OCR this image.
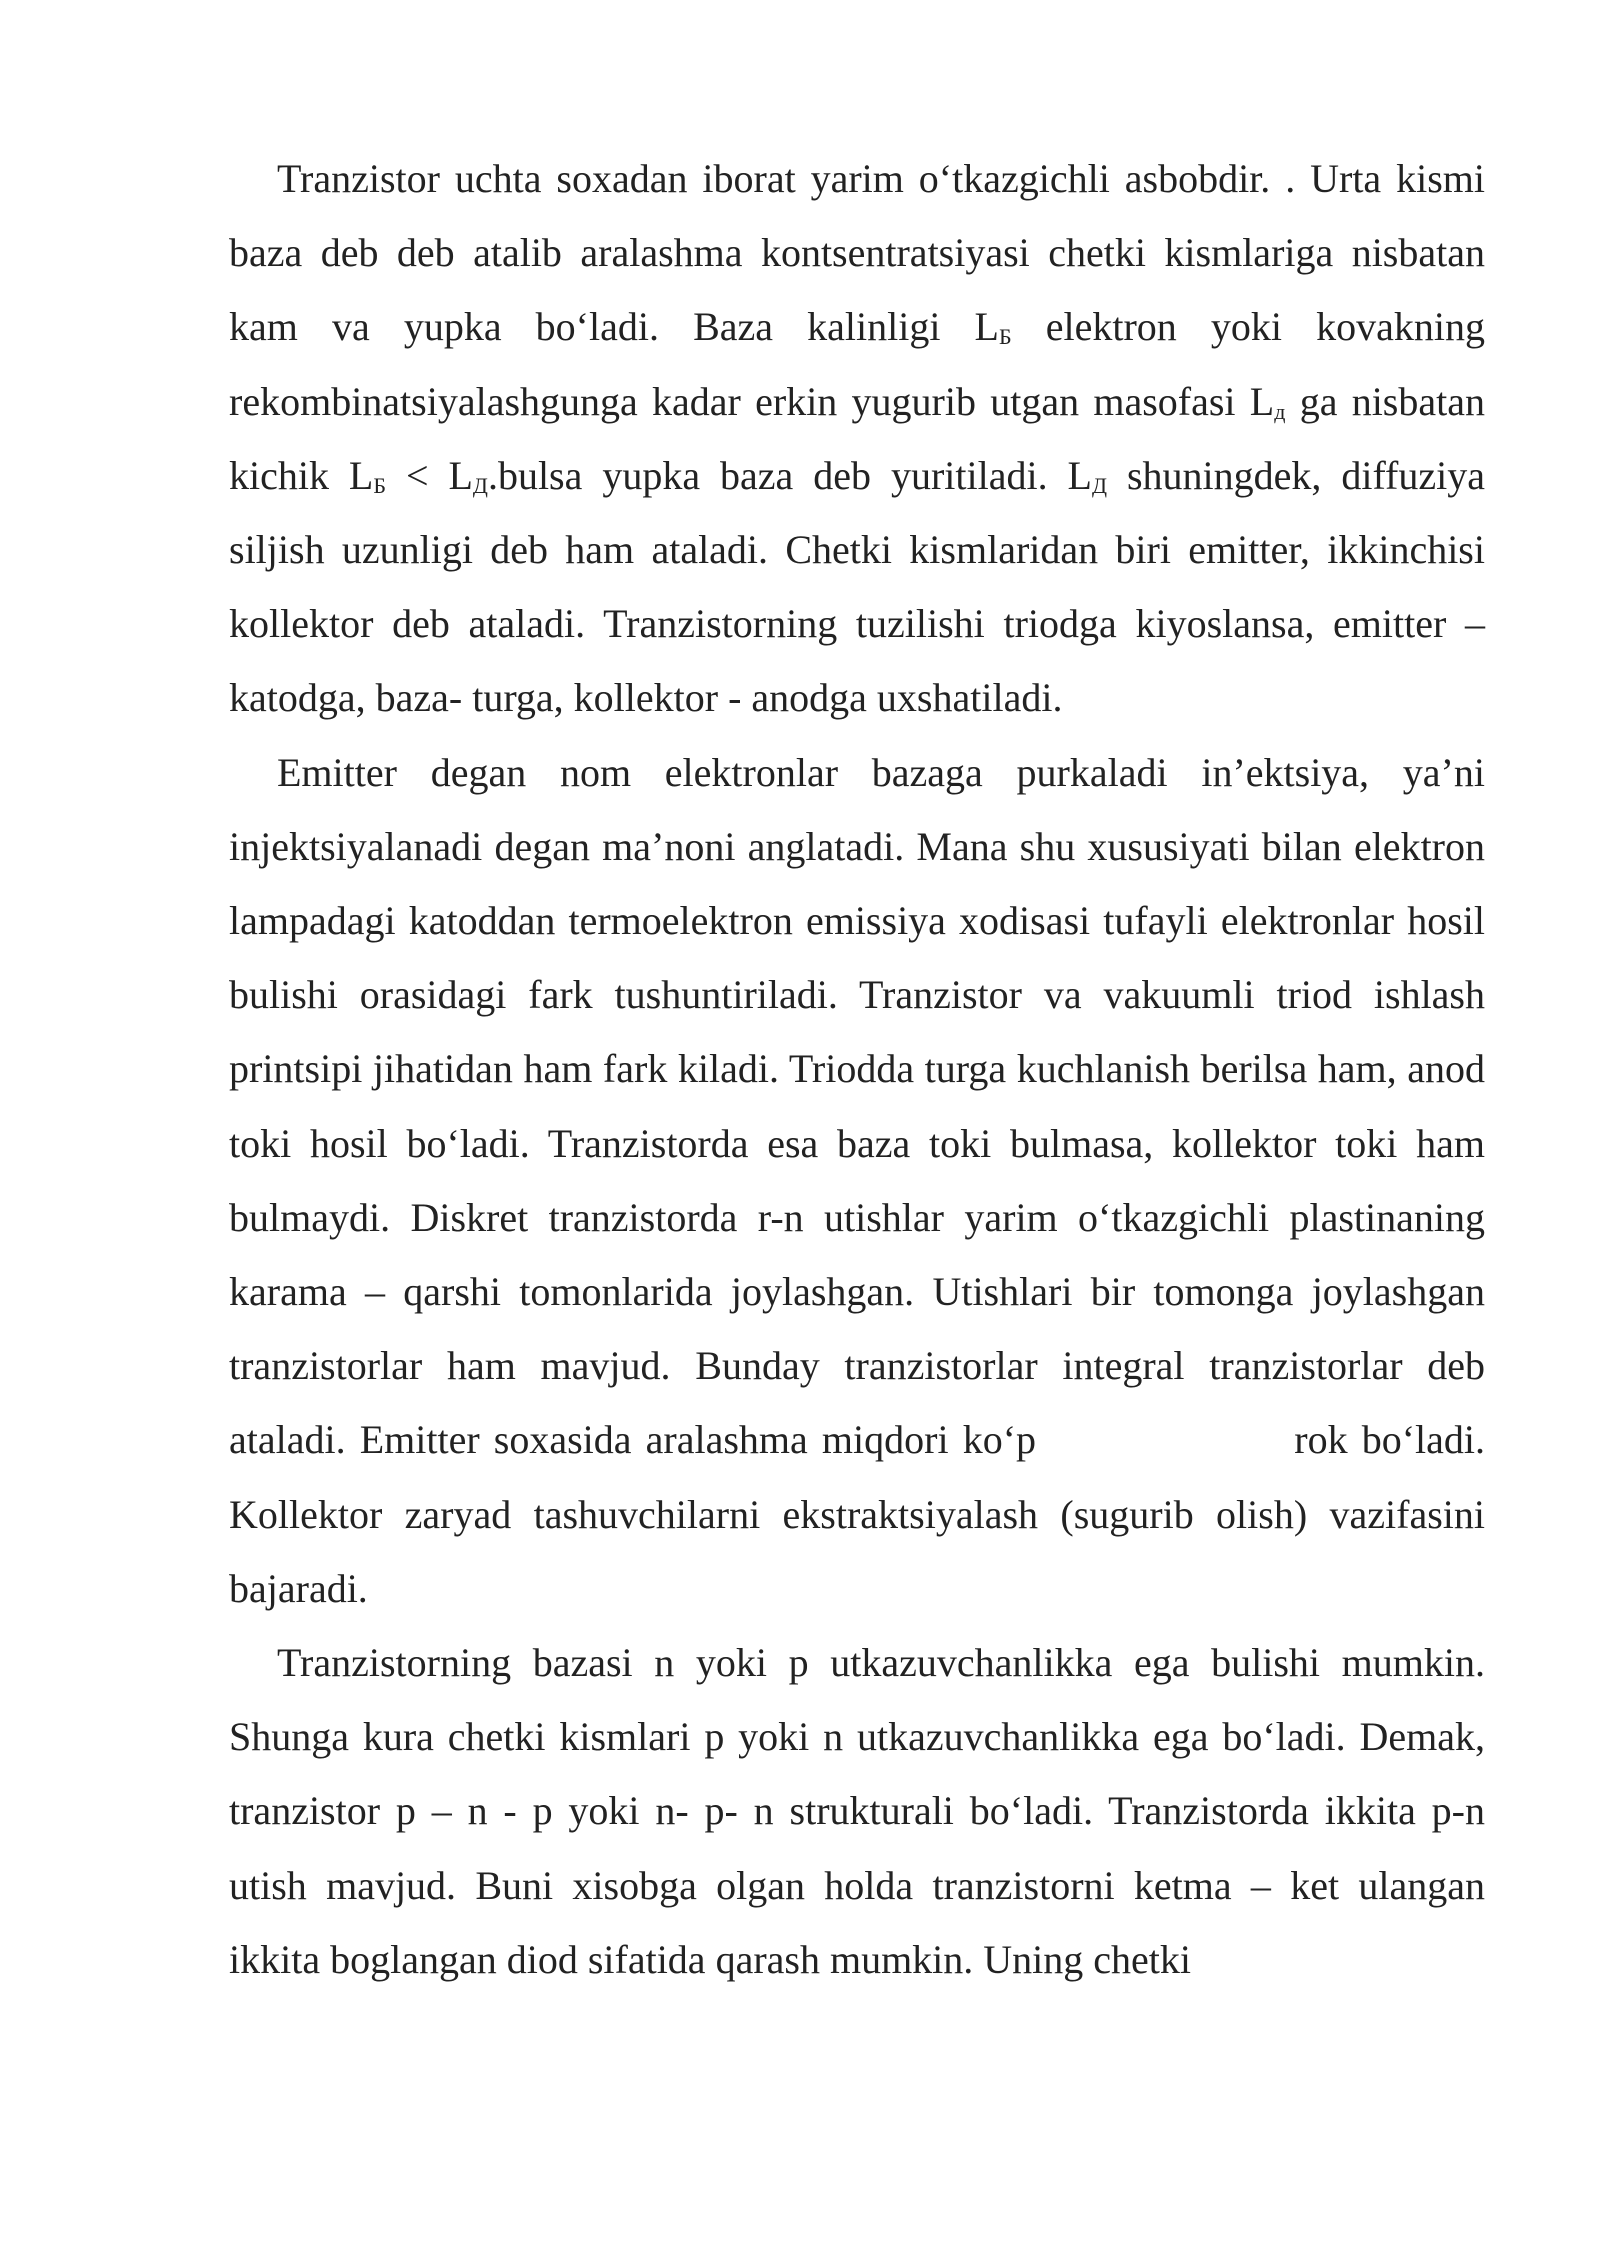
Tranzistor uchta soxadan iborat yarim o‘tkazgichli asbobdir. . Urta kismi baza deb deb atalib aralashma kontsentratsiyasi chetki kismlariga nisbatan kam va yupka bo‘ladi. Baza kalinligi LБ elektron yoki kovakning rekombinatsiyalashgunga kadar erkin yugurib utgan masofasi Lд ga nisbatan kichik LБ < LД.bulsa yupka baza deb yuritiladi. LД shuningdek, diffuziya siljish uzunligi deb ham ataladi. Chetki kismlaridan biri emitter, ikkinchisi kollektor deb ataladi. Tranzistorning tuzilishi triodga kiyoslansa, emitter – katodga, baza- turga, kollektor - anodga uxshatiladi.

Emitter degan nom elektronlar bazaga purkaladi in’ektsiya, ya’ni injektsiyalanadi degan ma’noni anglatadi. Mana shu xususiyati bilan elektron lampadagi katoddan termoelektron emissiya xodisasi tufayli elektronlar hosil bulishi orasidagi fark tushuntiriladi. Tranzistor va vakuumli triod ishlash printsipi jihatidan ham fark kiladi. Triodda turga kuchlanish berilsa ham, anod toki hosil bo‘ladi. Tranzistorda esa baza toki bulmasa, kollektor toki ham bulmaydi. Diskret tranzistorda r-n utishlar yarim o‘tkazgichli plastinaning karama – qarshi tomonlarida joylashgan. Utishlari bir tomonga joylashgan tranzistorlar ham mavjud. Bunday tranzistorlar integral tranzistorlar deb ataladi. Emitter soxasida aralashma miqdori ko‘p	rok bo‘ladi. Kollektor zaryad tashuvchilarni ekstraktsiyalash (sugurib olish) vazifasini bajaradi.

Tranzistorning bazasi n yoki p utkazuvchanlikka ega bulishi mumkin. Shunga kura chetki kismlari p yoki n utkazuvchanlikka ega bo‘ladi. Demak, tranzistor p – n - p yoki n- p- n strukturali bo‘ladi. Tranzistorda ikkita p-n utish mavjud. Buni xisobga olgan holda tranzistorni ketma – ket ulangan ikkita boglangan diod sifatida qarash mumkin. Uning chetki
